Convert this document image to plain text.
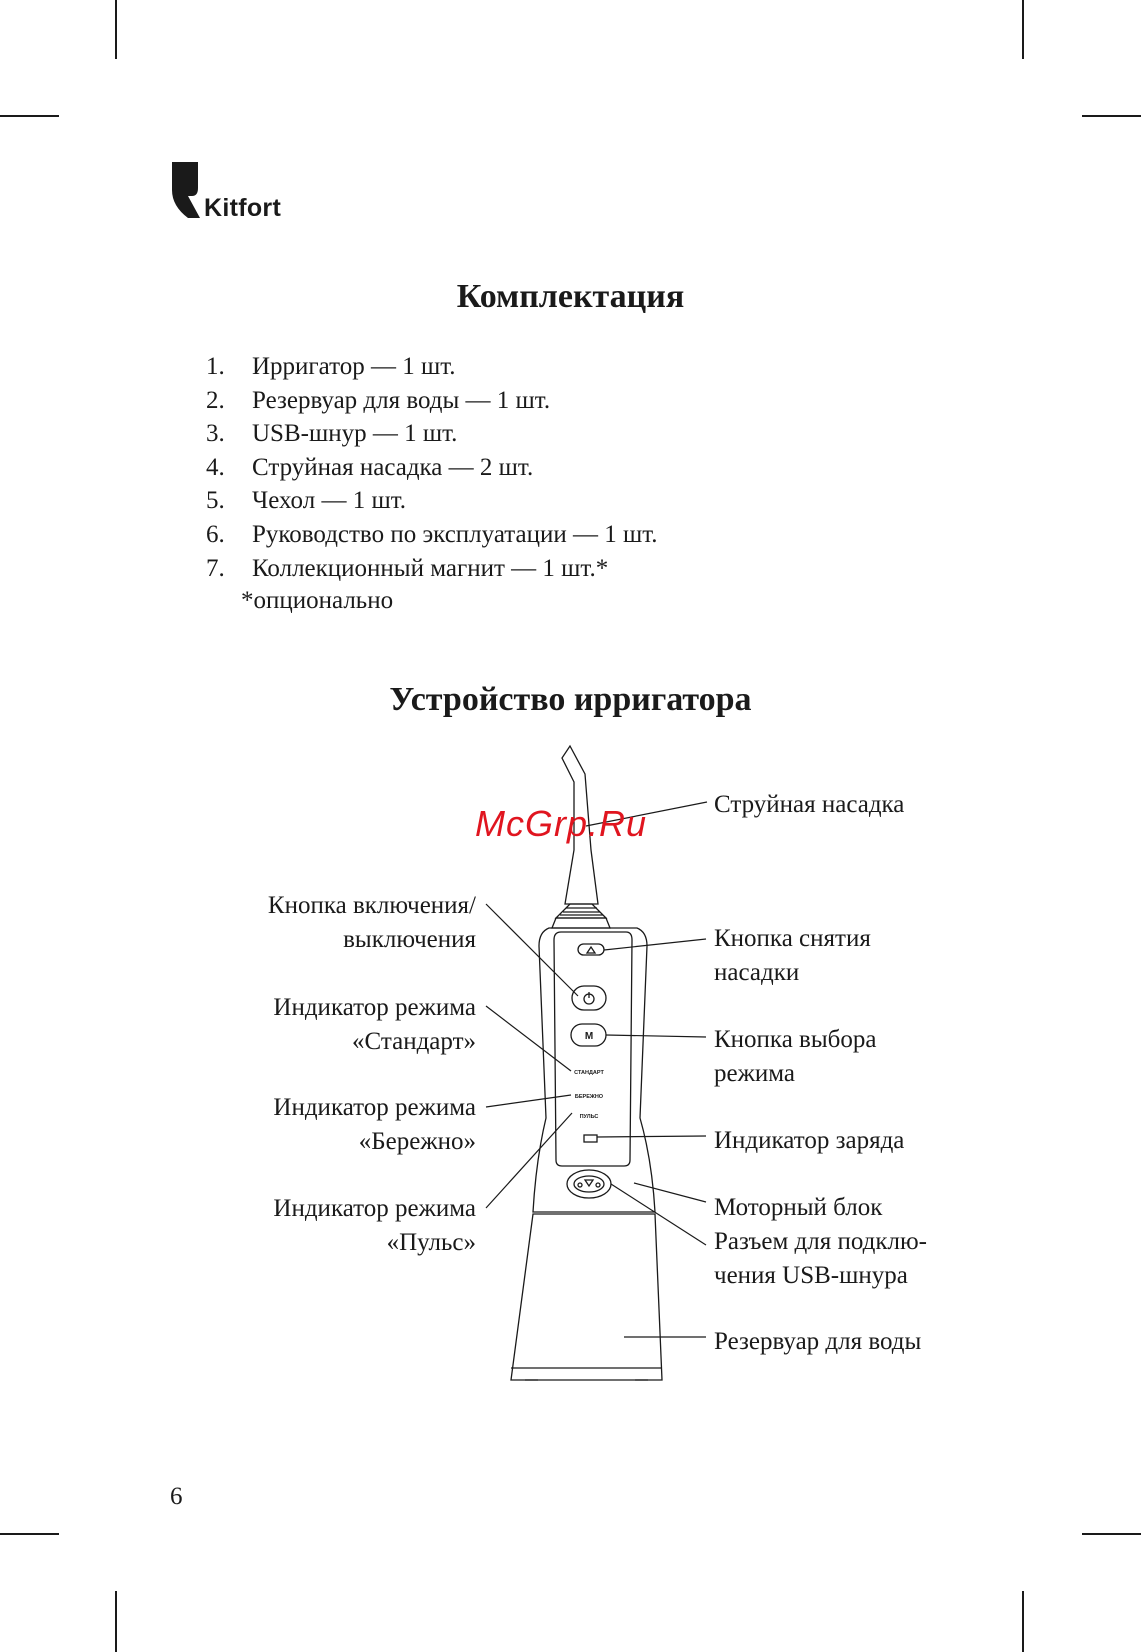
Kitfort
Комплектация
1. Ирригатор — 1 шт.
2. Резервуар для воды — 1 шт.
3. USB-шнур — 1 шт.
4. Струйная насадка — 2 шт.
5. Чехол — 1 шт.
6. Руководство по эксплуатации — 1 шт.
7. Коллекционный магнит — 1 шт.*
*опционально
Устройство ирригатора
M
СТАНДАРТ
БЕРЕЖНО
ПУЛЬС
Кнопка включения/
выключения
Индикатор режима
«Стандарт»
Индикатор режима
«Бережно»
Индикатор режима
«Пульс»
Струйная насадка
Кнопка снятия
насадки
Кнопка выбора
режима
Индикатор заряда
Моторный блок
Разъем для подклю-
чения USB-шнура
Резервуар для воды
McGrp.Ru
6
